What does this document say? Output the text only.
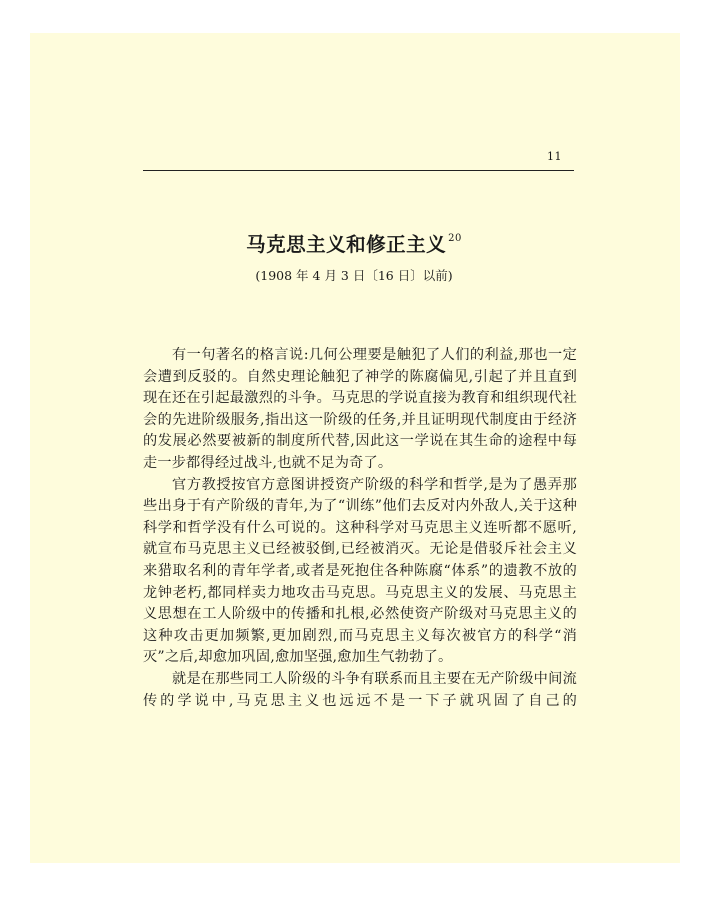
11
马克思主义和修正主义 $^{20}$
(1908 年 4 月 3 日〔16 日〕以前)

有一句著名的格言说:几何公理要是触犯了人们的利益,那也一定会遭到反驳的。自然史理论触犯了神学的陈腐偏见,引起了并且直到现在还在引起最激烈的斗争。马克思的学说直接为教育和组织现代社会的先进阶级服务,指出这一阶级的任务,并且证明现代制度由于经济的发展必然要被新的制度所代替,因此这一学说在其生命的途程中每走一步都得经过战斗,也就不足为奇了。

官方教授按官方意图讲授资产阶级的科学和哲学,是为了愚弄那些出身于有产阶级的青年,为了“训练”他们去反对内外敌人,关于这种科学和哲学没有什么可说的。这种科学对马克思主义连听都不愿听,就宣布马克思主义已经被驳倒,已经被消灭。无论是借驳斥社会主义来猎取名利的青年学者,或者是死抱住各种陈腐“体系”的遗教不放的龙钟老朽,都同样卖力地攻击马克思。马克思主义的发展、马克思主义思想在工人阶级中的传播和扎根,必然使资产阶级对马克思主义的这种攻击更加频繁,更加剧烈,而马克思主义每次被官方的科学“消灭”之后,却愈加巩固,愈加坚强,愈加生气勃勃了。

就是在那些同工人阶级的斗争有联系而且主要在无产阶级中间流传的学说中,马克思主义也远远不是一下子就巩固了自己的
